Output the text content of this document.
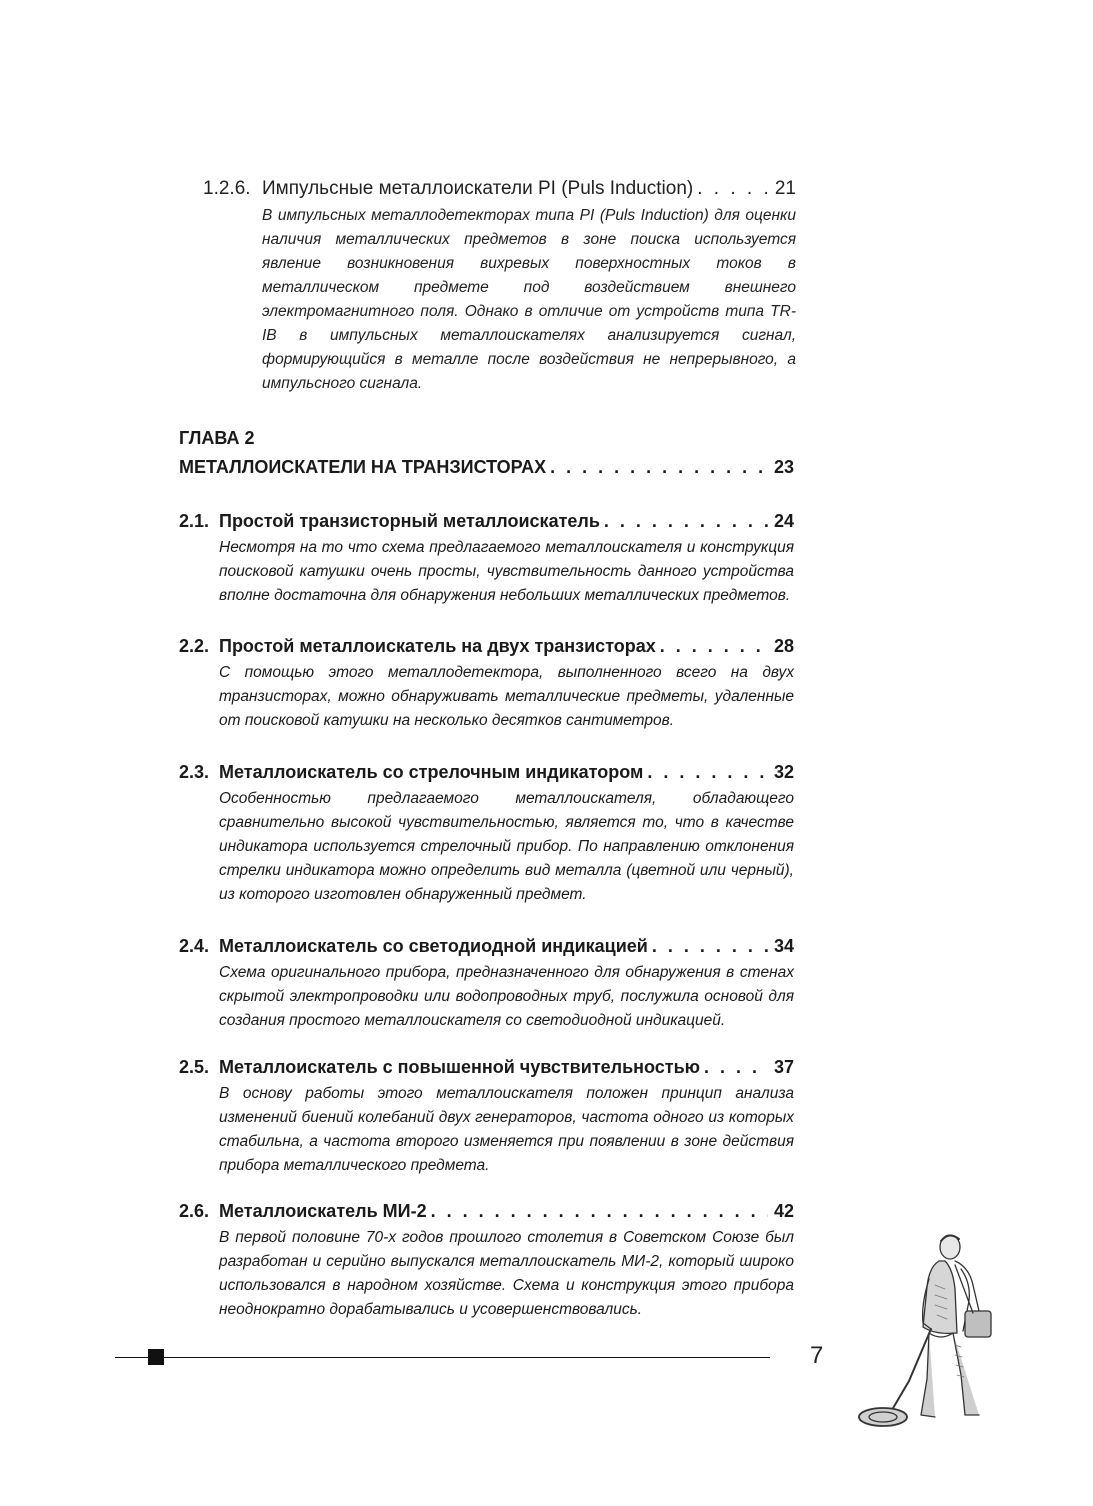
1.2.6. Импульсные металлоискатели PI (Puls Induction) . . .	21
В импульсных металлодетекторах типа PI (Puls Induction) для оценки наличия металлических предметов в зоне поиска используется явление возникновения вихревых поверхностных токов в металлическом предмете под воздействием внешнего электромагнитного поля. Однако в отличие от устройств типа TR-IB в импульсных металлоискателях анализируется сигнал, формирующийся в металле после воздействия не непрерывного, а импульсного сигнала.
ГЛАВА 2
МЕТАЛЛОИСКАТЕЛИ НА ТРАНЗИСТОРАХ . . .	23
2.1. Простой транзисторный металлоискатель . . .	24
Несмотря на то что схема предлагаемого металлоискателя и конструкция поисковой катушки очень просты, чувствительность данного устройства вполне достаточна для обнаружения небольших металлических предметов.
2.2. Простой металлоискатель на двух транзисторах . . .	28
С помощью этого металлодетектора, выполненного всего на двух транзисторах, можно обнаруживать металлические предметы, удаленные от поисковой катушки на несколько десятков сантиметров.
2.3. Металлоискатель со стрелочным индикатором . . .	32
Особенностью предлагаемого металлоискателя, обладающего сравнительно высокой чувствительностью, является то, что в качестве индикатора используется стрелочный прибор. По направлению отклонения стрелки индикатора можно определить вид металла (цветной или черный), из которого изготовлен обнаруженный предмет.
2.4. Металлоискатель со светодиодной индикацией . . .	34
Схема оригинального прибора, предназначенного для обнаружения в стенах скрытой электропроводки или водопроводных труб, послужила основой для создания простого металлоискателя со светодиодной индикацией.
2.5. Металлоискатель с повышенной чувствительностью . . .	37
В основу работы этого металлоискателя положен принцип анализа изменений биений колебаний двух генераторов, частота одного из которых стабильна, а частота второго изменяется при появлении в зоне действия прибора металлического предмета.
2.6. Металлоискатель МИ-2 . . .	42
В первой половине 70-х годов прошлого столетия в Советском Союзе был разработан и серийно выпускался металлоискатель МИ-2, который широко использовался в народном хозяйстве. Схема и конструкция этого прибора неоднократно дорабатывались и усовершенствовались.
7
